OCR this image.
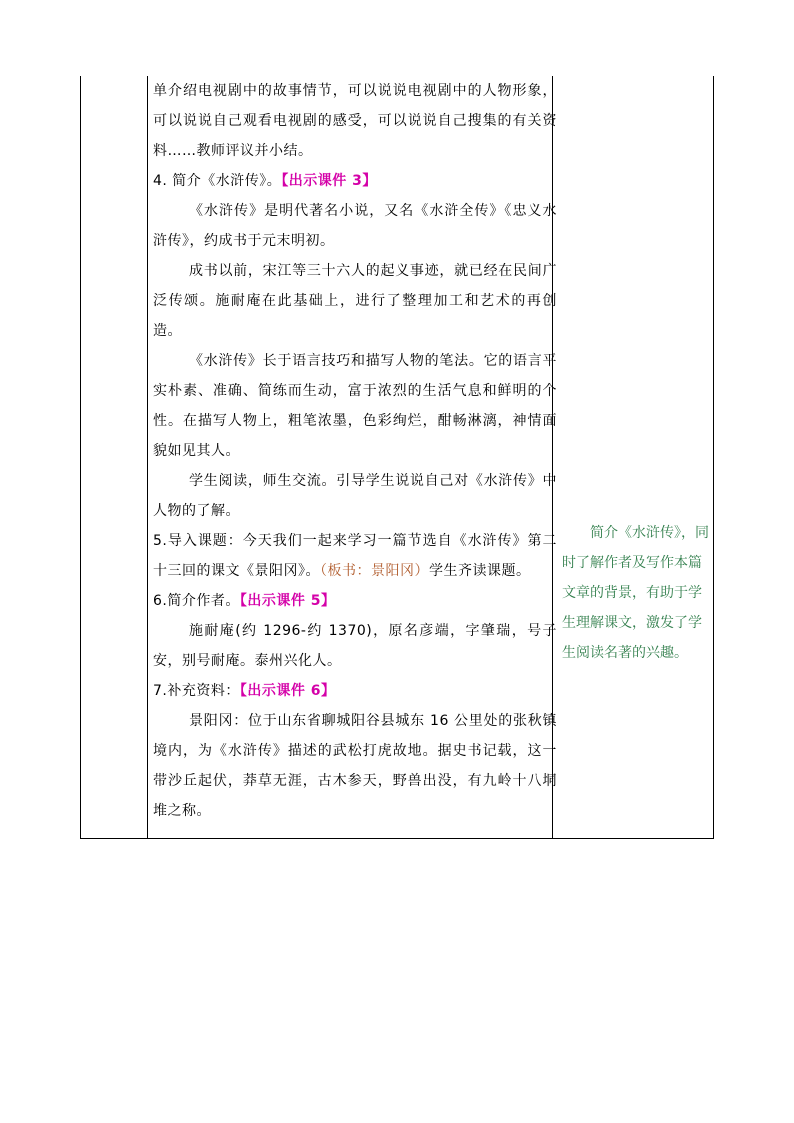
单介绍电视剧中的故事情节，可以说说电视剧中的人物形象，可以说说自己观看电视剧的感受，可以说说自己搜集的有关资料……教师评议并小结。

4. 简介《水浒传》。【出示课件 3】

《水浒传》是明代著名小说，又名《水浒全传》《忠义水浒传》，约成书于元末明初。

成书以前，宋江等三十六人的起义事迹，就已经在民间广泛传颂。施耐庵在此基础上，进行了整理加工和艺术的再创造。

《水浒传》长于语言技巧和描写人物的笔法。它的语言平实朴素、准确、简练而生动，富于浓烈的生活气息和鲜明的个性。在描写人物上，粗笔浓墨，色彩绚烂，酣畅淋漓，神情面貌如见其人。

学生阅读，师生交流。引导学生说说自己对《水浒传》中人物的了解。

5.导入课题：今天我们一起来学习一篇节选自《水浒传》第二十三回的课文《景阳冈》。（板书：景阳冈）学生齐读课题。

6.简介作者。【出示课件 5】

施耐庵(约 1296-约 1370)，原名彦端，字肇瑞，号子安，别号耐庵。泰州兴化人。

7.补充资料：【出示课件 6】

景阳冈：位于山东省聊城阳谷县城东 16 公里处的张秋镇境内，为《水浒传》描述的武松打虎故地。据史书记载，这一带沙丘起伏，莽草无涯，古木参天，野兽出没，有九岭十八垌堆之称。

简介《水浒传》，同时了解作者及写作本篇文章的背景，有助于学生理解课文，激发了学生阅读名著的兴趣。
